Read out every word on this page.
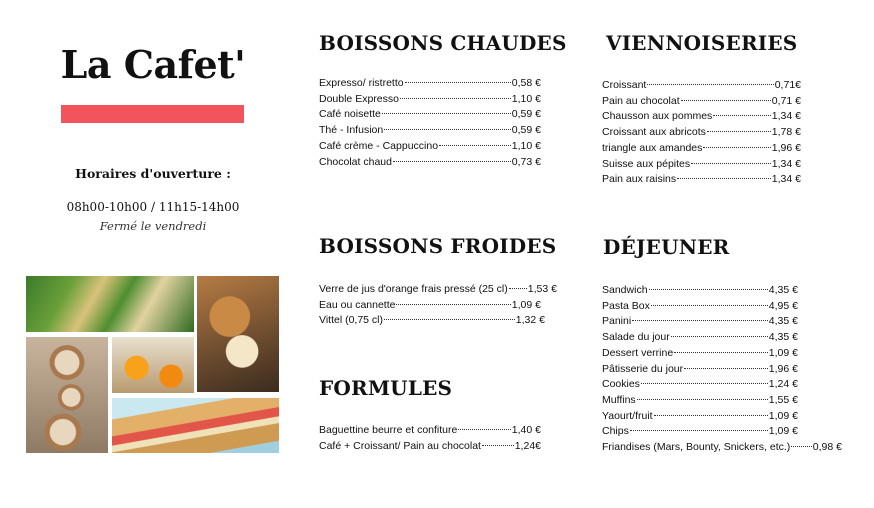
La Cafet'
Horaires d'ouverture :
08h00-10h00 / 11h15-14h00
Fermé le vendredi
BOISSONS CHAUDES
Expresso/ ristretto	0,58 €
Double Expresso	1,10 €
Café noisette	0,59 €
Thé - Infusion	0,59 €
Café crème - Cappuccino	1,10 €
Chocolat chaud	0,73 €
VIENNOISERIES
Croissant	0,71€
Pain au chocolat	0,71 €
Chausson aux pommes	1,34 €
Croissant aux abricots	1,78 €
triangle aux amandes	1,96 €
Suisse aux pépites	1,34 €
Pain aux raisins	1,34 €
BOISSONS FROIDES
Verre de jus d'orange frais pressé (25 cl) 1,53 €
Eau ou cannette	1,09 €
Vittel (0,75 cl)	1,32 €
DÉJEUNER
Sandwich	4,35 €
Pasta Box	4,95 €
Panini	4,35 €
Salade du jour	4,35 €
Dessert verrine	1,09 €
Pâtisserie du jour	1,96 €
Cookies	1,24 €
Muffins	1,55 €
Yaourt/fruit	1,09 €
Chips	1,09 €
Friandises (Mars, Bounty, Snickers, etc.) 0,98 €
FORMULES
Baguettine beurre et confiture	1,40 €
Café + Croissant/ Pain au chocolat	1,24€
